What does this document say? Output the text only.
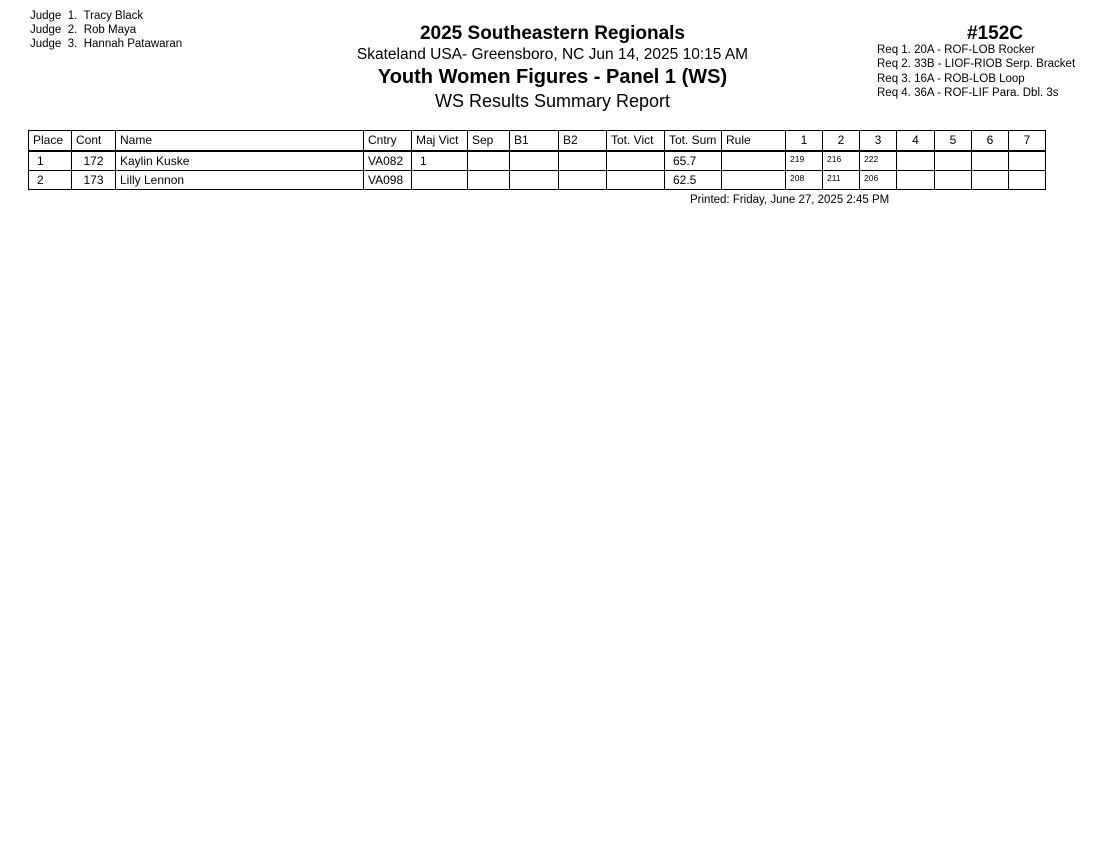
Judge  1. Tracy Black
Judge  2. Rob Maya
Judge  3. Hannah Patawaran	2025 Southeastern Regionals
Skateland USA- Greensboro, NC Jun 14, 2025 10:15 AM
Youth Women Figures - Panel 1 (WS)
WS Results Summary Report
#152C
Req 1. 20A - ROF-LOB Rocker
Req 2. 33B - LIOF-RIOB Serp. Bracket
Req 3. 16A - ROB-LOB Loop
Req 4. 36A - ROF-LIF Para. Dbl. 3s
Place	Cont	Name	Cntry	Maj Vict	Sep	B1	B2	Tot. Vict	Tot. Sum	Rule	1	2	3	4	5	6	7
1	172	Kaylin Kuske	VA082	1					65.7		219	216	222				
2	173	Lilly Lennon	VA098						62.5		208	211	206				
Printed: Friday, June 27, 2025 2:45 PM
